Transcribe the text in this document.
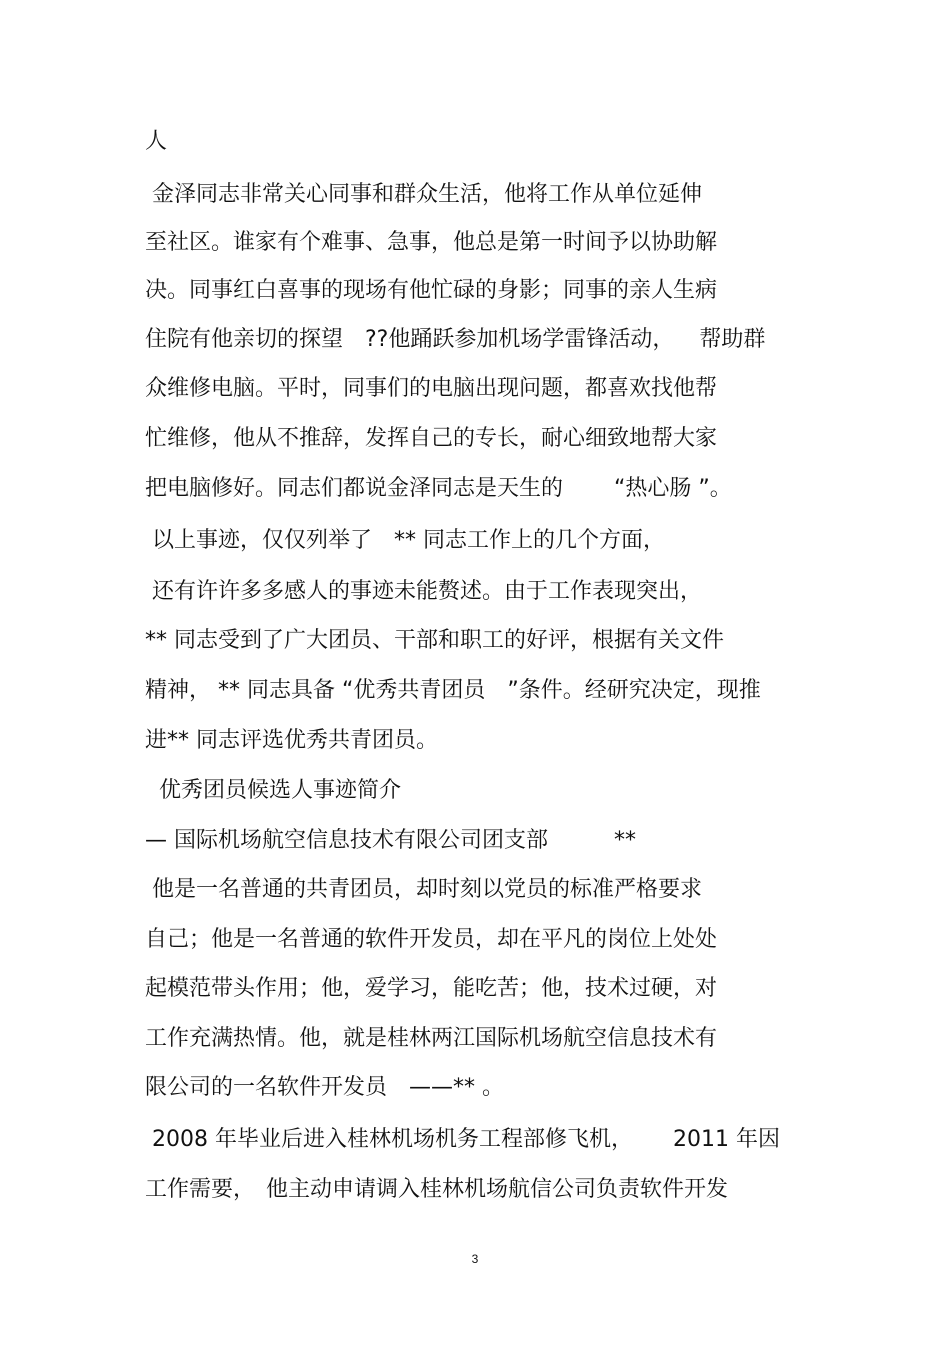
人
金泽同志非常关心同事和群众生活，他将工作从单位延伸
至社区。谁家有个难事、急事，他总是第一时间予以协助解
决。同事红白喜事的现场有他忙碌的身影；同事的亲人生病
住院有他亲切的探望　??他踊跃参加机场学雷锋活动，　  帮助群
众维修电脑。平时，同事们的电脑出现问题，都喜欢找他帮
忙维修，他从不推辞，发挥自己的专长，耐心细致地帮大家
把电脑修好。同志们都说金泽同志是天生的　　 “热心肠 ”。
以上事迹，仅仅列举了　** 同志工作上的几个方面，
还有许许多多感人的事迹未能赘述。由于工作表现突出，
** 同志受到了广大团员、干部和职工的好评，根据有关文件
精神， ** 同志具备 “优秀共青团员　”条件。经研究决定，现推
进** 同志评选优秀共青团员。
优秀团员候选人事迹简介
— 国际机场航空信息技术有限公司团支部　　　**
他是一名普通的共青团员，却时刻以党员的标准严格要求
自己；他是一名普通的软件开发员，却在平凡的岗位上处处
起模范带头作用；他，爱学习，能吃苦；他，技术过硬，对
工作充满热情。他，就是桂林两江国际机场航空信息技术有
限公司的一名软件开发员　——** 。
2008 年毕业后进入桂林机场机务工程部修飞机，　　 2011 年因
工作需要，　他主动申请调入桂林机场航信公司负责软件开发
3
